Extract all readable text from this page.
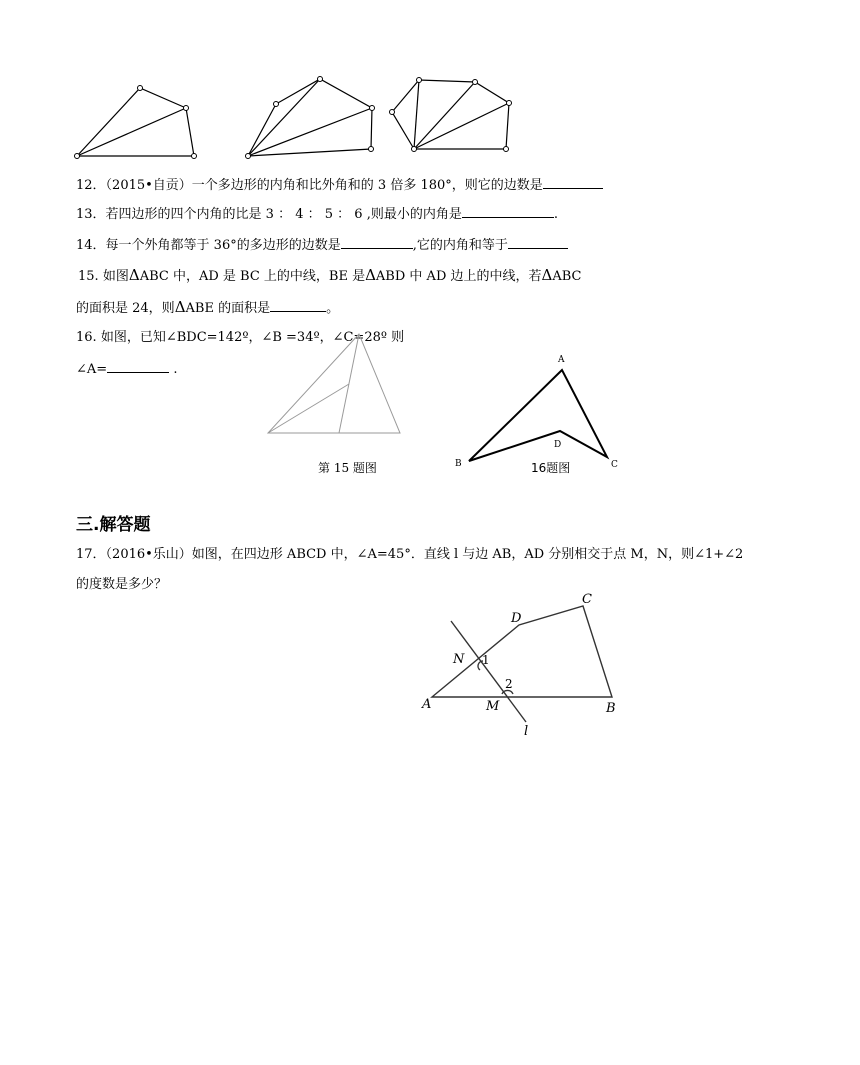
12．（2015•自贡）一个多边形的内角和比外角和的 3 倍多 180°，则它的边数是
13．若四边形的四个内角的比是 3 ： 4 ： 5 ： 6 ,则最小的内角是	.
14．每一个外角都等于 36°的多边形的边数是	,它的内角和等于
15. 如图ΔABC 中，AD 是 BC 上的中线，BE 是ΔABD 中 AD 边上的中线，若ΔABC
的面积是 24，则ΔABE 的面积是	。
16. 如图，已知∠BDC=142º，∠B =34º，∠C=28º 则
∠A=	.
第 15 题图
A
B	C
D
16题图
三.解答题
17．（2016•乐山）如图，在四边形 ABCD 中，∠A=45°．直线 l 与边 AB，AD 分别相交于点 M，N，则∠1+∠2
的度数是多少？
A	B
C
D
N
M
l
1
2
